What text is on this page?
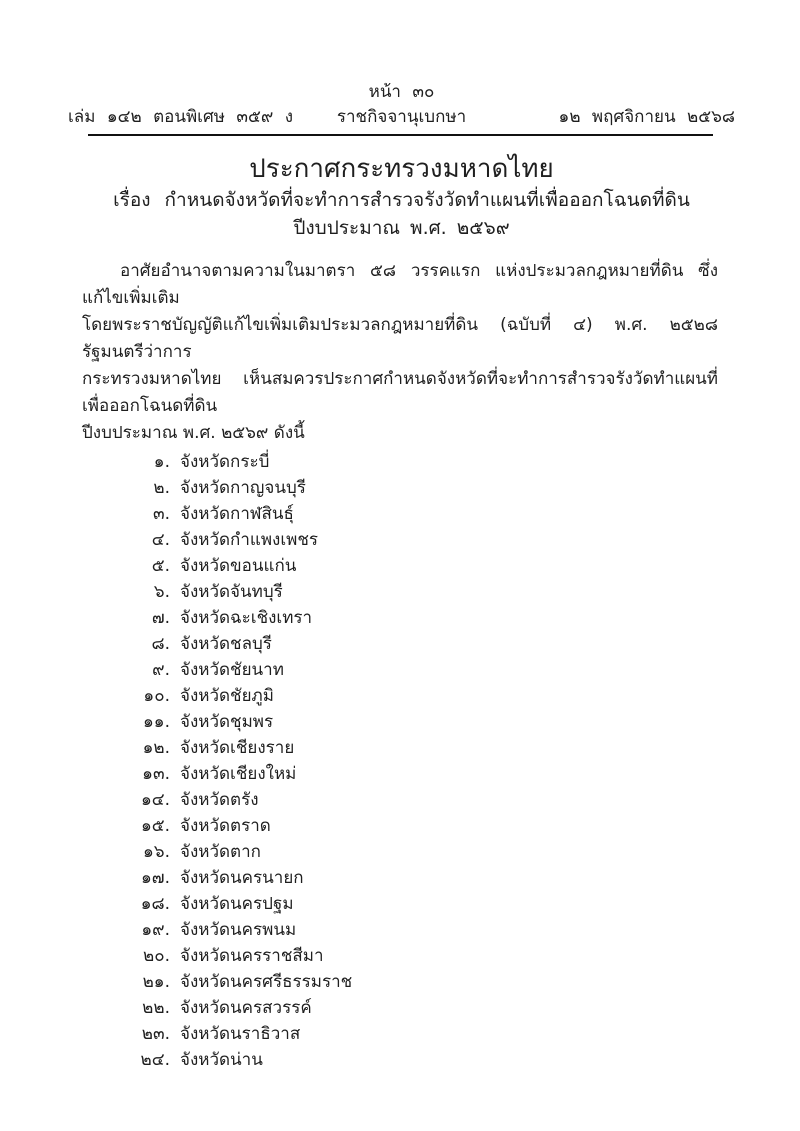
หน้า ๓๐
เล่ม ๑๔๒ ตอนพิเศษ ๓๕๙ ง	ราชกิจจานุเบกษา	๑๒ พฤศจิกายน ๒๕๖๘
ประกาศกระทรวงมหาดไทย
เรื่อง กำหนดจังหวัดที่จะทำการสำรวจรังวัดทำแผนที่เพื่อออกโฉนดที่ดิน
ปีงบประมาณ พ.ศ. ๒๕๖๙
อาศัยอำนาจตามความในมาตรา ๕๘ วรรคแรก แห่งประมวลกฎหมายที่ดิน ซึ่งแก้ไขเพิ่มเติม
โดยพระราชบัญญัติแก้ไขเพิ่มเติมประมวลกฎหมายที่ดิน (ฉบับที่ ๔) พ.ศ. ๒๕๒๘ รัฐมนตรีว่าการ
กระทรวงมหาดไทย เห็นสมควรประกาศกำหนดจังหวัดที่จะทำการสำรวจรังวัดทำแผนที่เพื่อออกโฉนดที่ดิน
ปีงบประมาณ พ.ศ. ๒๕๖๙ ดังนี้
๑. จังหวัดกระบี่
๒. จังหวัดกาญจนบุรี
๓. จังหวัดกาฬสินธุ์
๔. จังหวัดกำแพงเพชร
๕. จังหวัดขอนแก่น
๖. จังหวัดจันทบุรี
๗. จังหวัดฉะเชิงเทรา
๘. จังหวัดชลบุรี
๙. จังหวัดชัยนาท
๑๐. จังหวัดชัยภูมิ
๑๑. จังหวัดชุมพร
๑๒. จังหวัดเชียงราย
๑๓. จังหวัดเชียงใหม่
๑๔. จังหวัดตรัง
๑๕. จังหวัดตราด
๑๖. จังหวัดตาก
๑๗. จังหวัดนครนายก
๑๘. จังหวัดนครปฐม
๑๙. จังหวัดนครพนม
๒๐. จังหวัดนครราชสีมา
๒๑. จังหวัดนครศรีธรรมราช
๒๒. จังหวัดนครสวรรค์
๒๓. จังหวัดนราธิวาส
๒๔. จังหวัดน่าน
